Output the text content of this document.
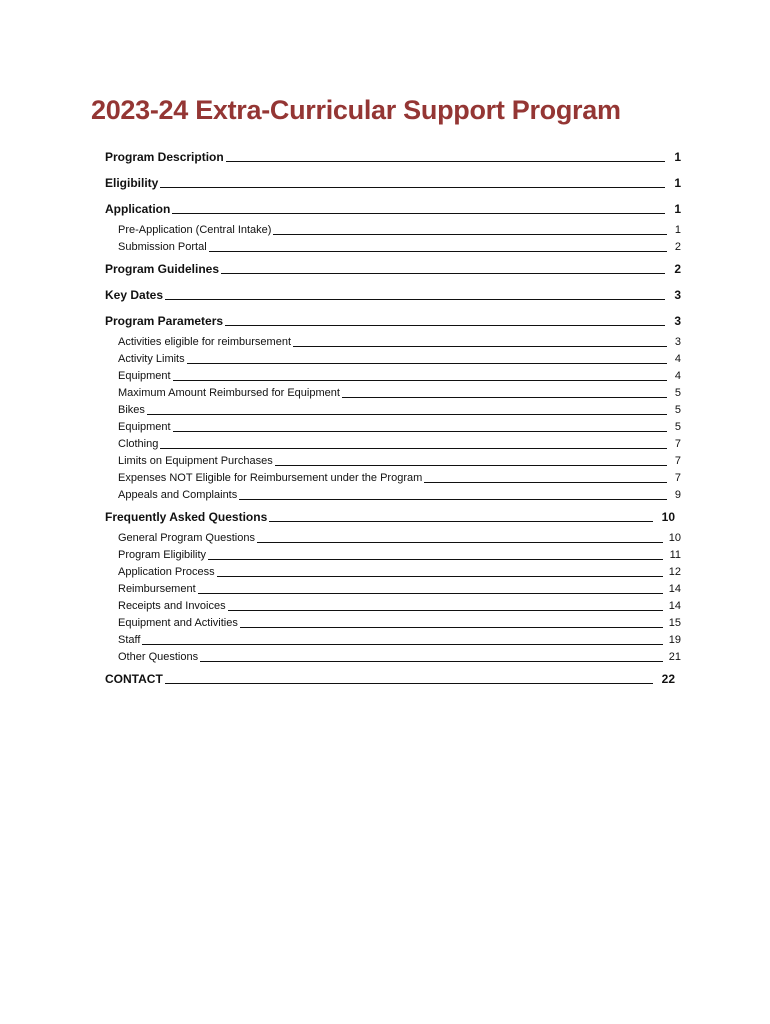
2023-24 Extra-Curricular Support Program
Program Description	1
Eligibility	1
Application	1
Pre-Application (Central Intake)	1
Submission Portal	2
Program Guidelines	2
Key Dates	3
Program Parameters	3
Activities eligible for reimbursement	3
Activity Limits	4
Equipment	4
Maximum Amount Reimbursed for Equipment	5
Bikes	5
Equipment	5
Clothing	7
Limits on Equipment Purchases	7
Expenses NOT Eligible for Reimbursement under the Program	7
Appeals and Complaints	9
Frequently Asked Questions	10
General Program Questions	10
Program Eligibility	11
Application Process	12
Reimbursement	14
Receipts and Invoices	14
Equipment and Activities	15
Staff	19
Other Questions	21
CONTACT	22
